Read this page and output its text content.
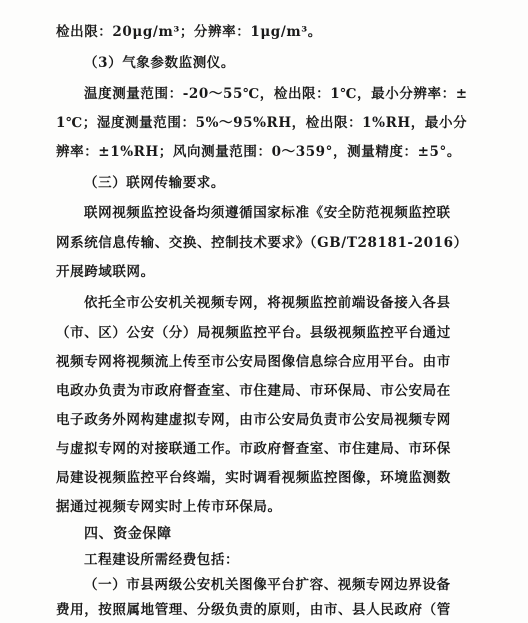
检出限：20μg/m³；分辨率：1μg/m³。
（3）气象参数监测仪。
温度测量范围：-20～55℃，检出限：1℃，最小分辨率：±
1℃；湿度测量范围：5%～95%RH，检出限：1%RH，最小分
辨率：±1%RH；风向测量范围：0～359°，测量精度：±5°。
（三）联网传输要求。
联网视频监控设备均须遵循国家标准《安全防范视频监控联
网系统信息传输、交换、控制技术要求》（GB/T28181-2016）
开展跨域联网。
依托全市公安机关视频专网，将视频监控前端设备接入各县
（市、区）公安（分）局视频监控平台。县级视频监控平台通过
视频专网将视频流上传至市公安局图像信息综合应用平台。由市
电政办负责为市政府督查室、市住建局、市环保局、市公安局在
电子政务外网构建虚拟专网，由市公安局负责市公安局视频专网
与虚拟专网的对接联通工作。市政府督查室、市住建局、市环保
局建设视频监控平台终端，实时调看视频监控图像，环境监测数
据通过视频专网实时上传市环保局。
四、资金保障
工程建设所需经费包括：
（一）市县两级公安机关图像平台扩容、视频专网边界设备
费用，按照属地管理、分级负责的原则，由市、县人民政府（管
